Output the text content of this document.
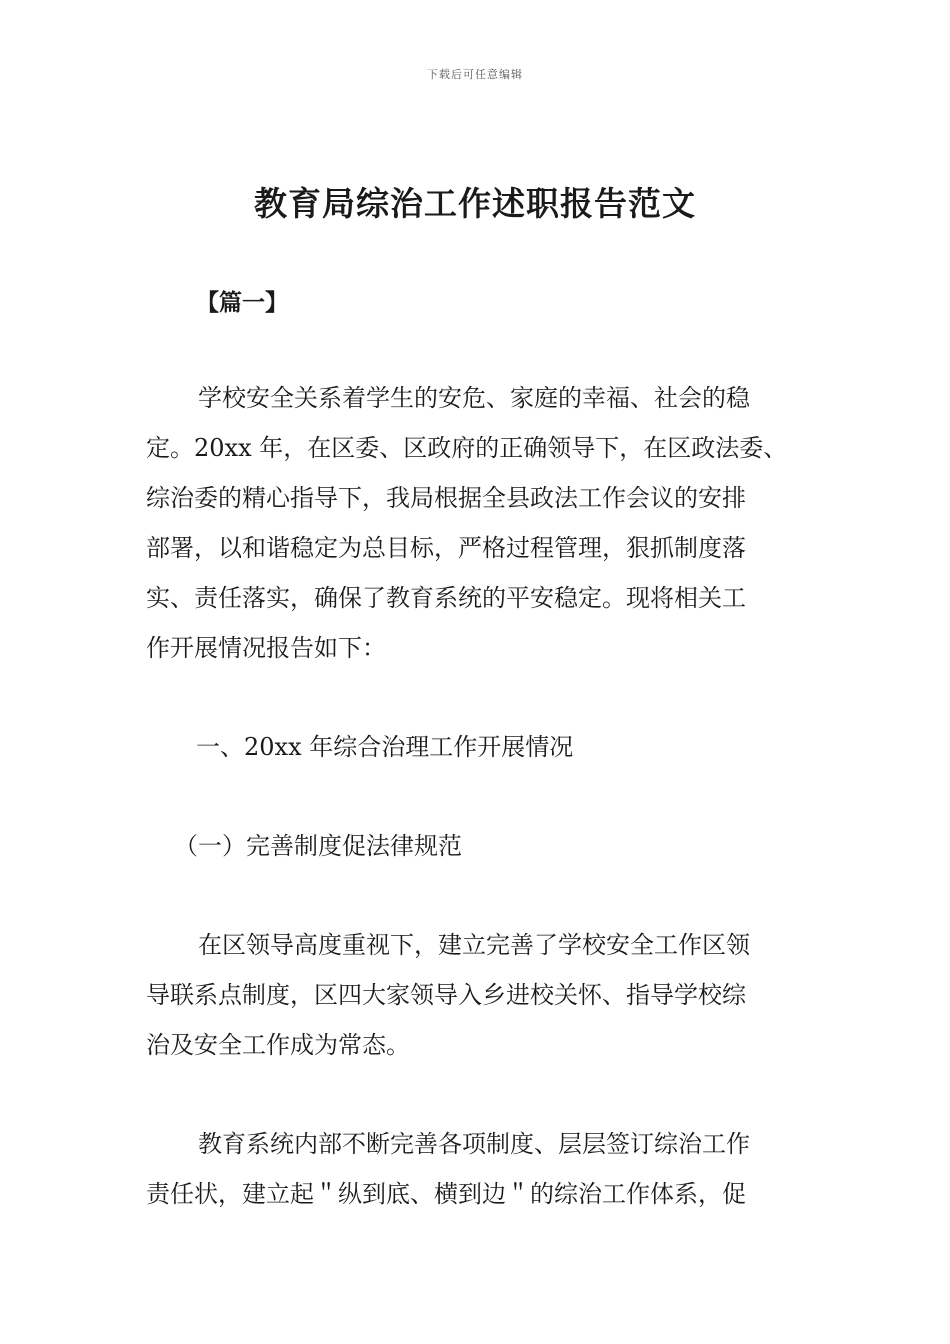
下载后可任意编辑
教育局综治工作述职报告范文

【篇一】

学校安全关系着学生的安危、家庭的幸福、社会的稳
定。20xx 年，在区委、区政府的正确领导下，在区政法委、
综治委的精心指导下，我局根据全县政法工作会议的安排
部署，以和谐稳定为总目标，严格过程管理，狠抓制度落
实、责任落实，确保了教育系统的平安稳定。现将相关工
作开展情况报告如下：

一、20xx 年综合治理工作开展情况

（一）完善制度促法律规范

在区领导高度重视下，建立完善了学校安全工作区领
导联系点制度，区四大家领导入乡进校关怀、指导学校综
治及安全工作成为常态。

教育系统内部不断完善各项制度、层层签订综治工作
责任状，建立起＂纵到底、横到边＂的综治工作体系，促
